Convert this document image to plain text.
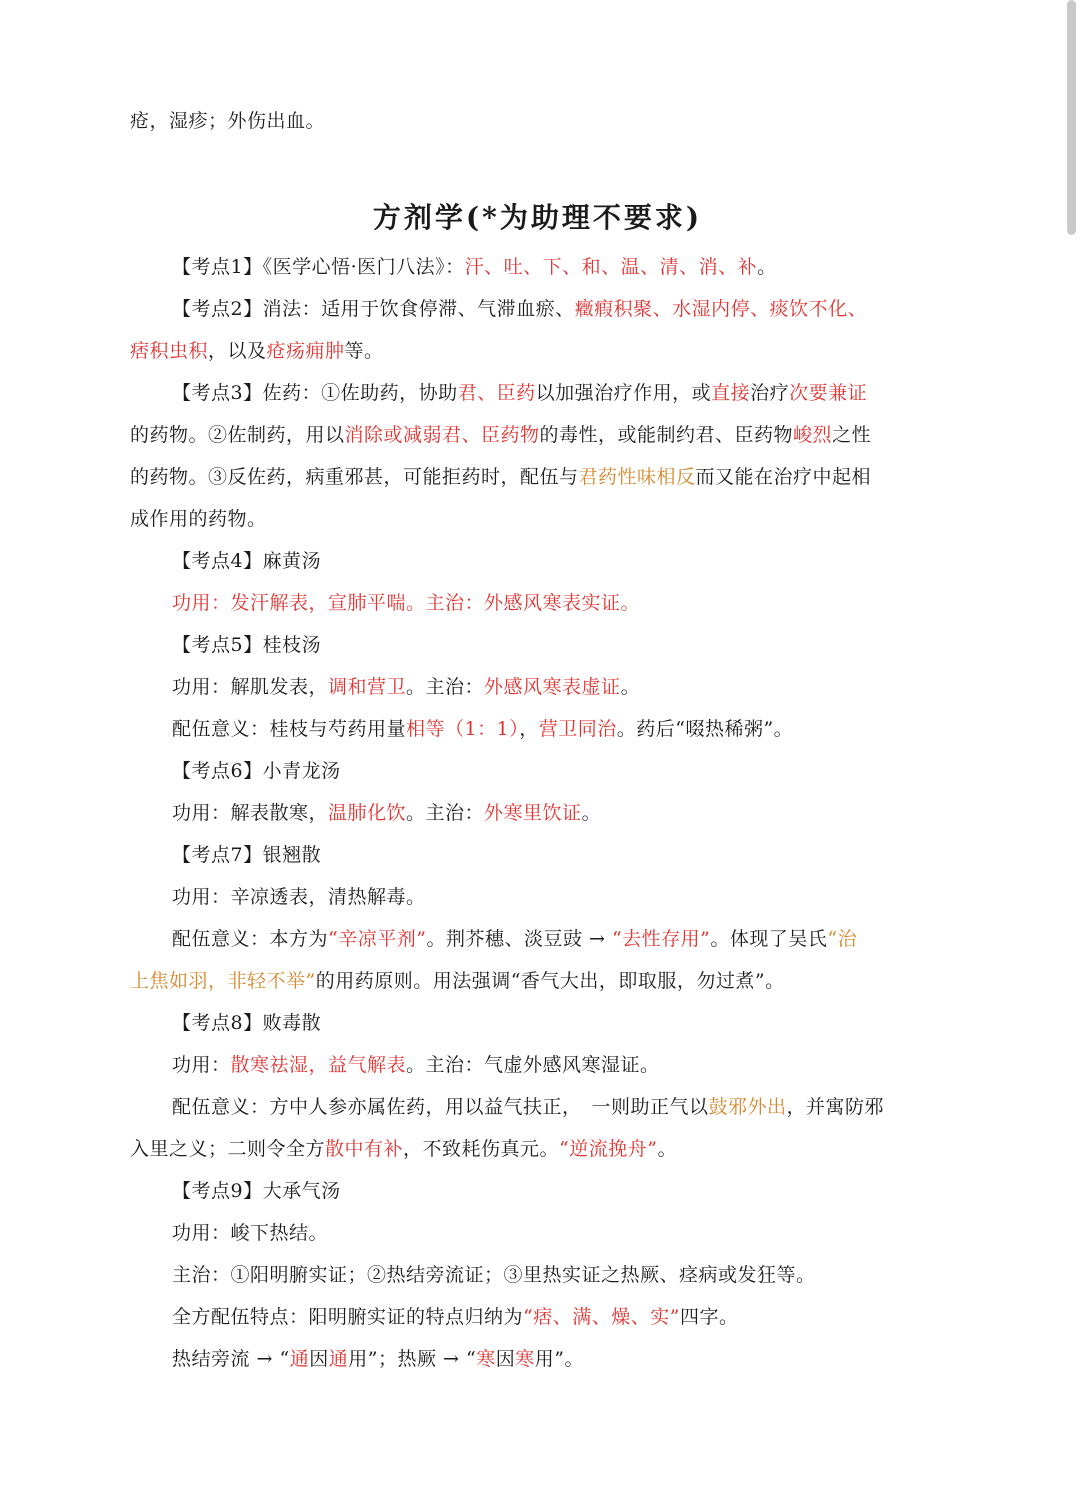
疮，湿疹；外伤出血。
方剂学(*为助理不要求)
【考点1】《医学心悟·医门八法》：汗、吐、下、和、温、清、消、补。
【考点2】消法：适用于饮食停滞、气滞血瘀、癥瘕积聚、水湿内停、痰饮不化、
痞积虫积，以及疮疡痈肿等。
【考点3】佐药：①佐助药，协助君、臣药以加强治疗作用，或直接治疗次要兼证
的药物。②佐制药，用以消除或减弱君、臣药物的毒性，或能制约君、臣药物峻烈之性
的药物。③反佐药，病重邪甚，可能拒药时，配伍与君药性味相反而又能在治疗中起相
成作用的药物。
【考点4】麻黄汤
功用：发汗解表，宣肺平喘。主治：外感风寒表实证。
【考点5】桂枝汤
功用：解肌发表，调和营卫。主治：外感风寒表虚证。
配伍意义：桂枝与芍药用量相等（1：1），营卫同治。药后“啜热稀粥”。
【考点6】小青龙汤
功用：解表散寒，温肺化饮。主治：外寒里饮证。
【考点7】银翘散
功用：辛凉透表，清热解毒。
配伍意义：本方为“辛凉平剂”。荆芥穗、淡豆豉 → “去性存用”。体现了吴氏“治
上焦如羽，非轻不举”的用药原则。用法强调“香气大出，即取服，勿过煮”。
【考点8】败毒散
功用：散寒祛湿，益气解表。主治：气虚外感风寒湿证。
配伍意义：方中人参亦属佐药，用以益气扶正，　一则助正气以鼓邪外出，并寓防邪
入里之义；二则令全方散中有补，不致耗伤真元。“逆流挽舟”。
【考点9】大承气汤
功用：峻下热结。
主治：①阳明腑实证；②热结旁流证；③里热实证之热厥、痉病或发狂等。
全方配伍特点：阳明腑实证的特点归纳为“痞、满、燥、实”四字。
热结旁流 → “通因通用”；热厥 → “寒因寒用”。
